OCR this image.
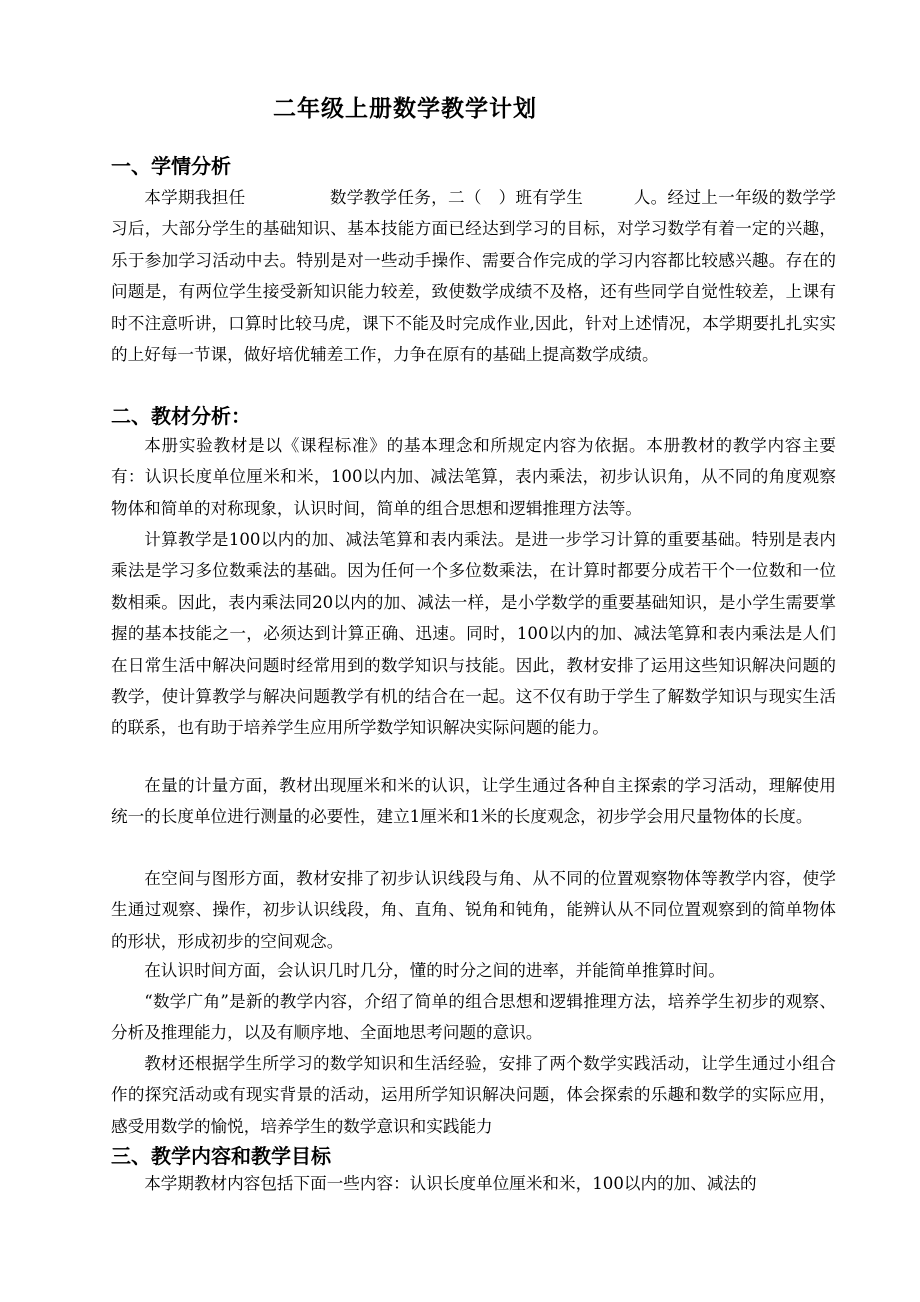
二年级上册数学教学计划
一、学情分析

本学期我担任　　　　　数学教学任务，二（　）班有学生　　　人。经过上一年级的数学学习后，大部分学生的基础知识、基本技能方面已经达到学习的目标，对学习数学有着一定的兴趣，乐于参加学习活动中去。特别是对一些动手操作、需要合作完成的学习内容都比较感兴趣。存在的问题是，有两位学生接受新知识能力较差，致使数学成绩不及格，还有些同学自觉性较差，上课有时不注意听讲，口算时比较马虎，课下不能及时完成作业,因此，针对上述情况，本学期要扎扎实实的上好每一节课，做好培优辅差工作，力争在原有的基础上提高数学成绩。

二、教材分析：

本册实验教材是以《课程标准》的基本理念和所规定内容为依据。本册教材的教学内容主要有：认识长度单位厘米和米，100以内加、减法笔算，表内乘法，初步认识角，从不同的角度观察物体和简单的对称现象，认识时间，简单的组合思想和逻辑推理方法等。

计算教学是100以内的加、减法笔算和表内乘法。是进一步学习计算的重要基础。特别是表内乘法是学习多位数乘法的基础。因为任何一个多位数乘法，在计算时都要分成若干个一位数和一位数相乘。因此，表内乘法同20以内的加、减法一样，是小学数学的重要基础知识，是小学生需要掌握的基本技能之一，必须达到计算正确、迅速。同时，100以内的加、减法笔算和表内乘法是人们在日常生活中解决问题时经常用到的数学知识与技能。因此，教材安排了运用这些知识解决问题的教学，使计算教学与解决问题教学有机的结合在一起。这不仅有助于学生了解数学知识与现实生活的联系，也有助于培养学生应用所学数学知识解决实际问题的能力。

在量的计量方面，教材出现厘米和米的认识，让学生通过各种自主探索的学习活动，理解使用统一的长度单位进行测量的必要性，建立1厘米和1米的长度观念，初步学会用尺量物体的长度。

在空间与图形方面，教材安排了初步认识线段与角、从不同的位置观察物体等教学内容，使学生通过观察、操作，初步认识线段，角、直角、锐角和钝角，能辨认从不同位置观察到的简单物体的形状，形成初步的空间观念。

在认识时间方面，会认识几时几分，懂的时分之间的进率，并能简单推算时间。

“数学广角”是新的教学内容，介绍了简单的组合思想和逻辑推理方法，培养学生初步的观察、分析及推理能力，以及有顺序地、全面地思考问题的意识。

教材还根据学生所学习的数学知识和生活经验，安排了两个数学实践活动，让学生通过小组合作的探究活动或有现实背景的活动，运用所学知识解决问题，体会探索的乐趣和数学的实际应用，感受用数学的愉悦，培养学生的数学意识和实践能力

三、教学内容和教学目标

本学期教材内容包括下面一些内容：认识长度单位厘米和米，100以内的加、减法的
